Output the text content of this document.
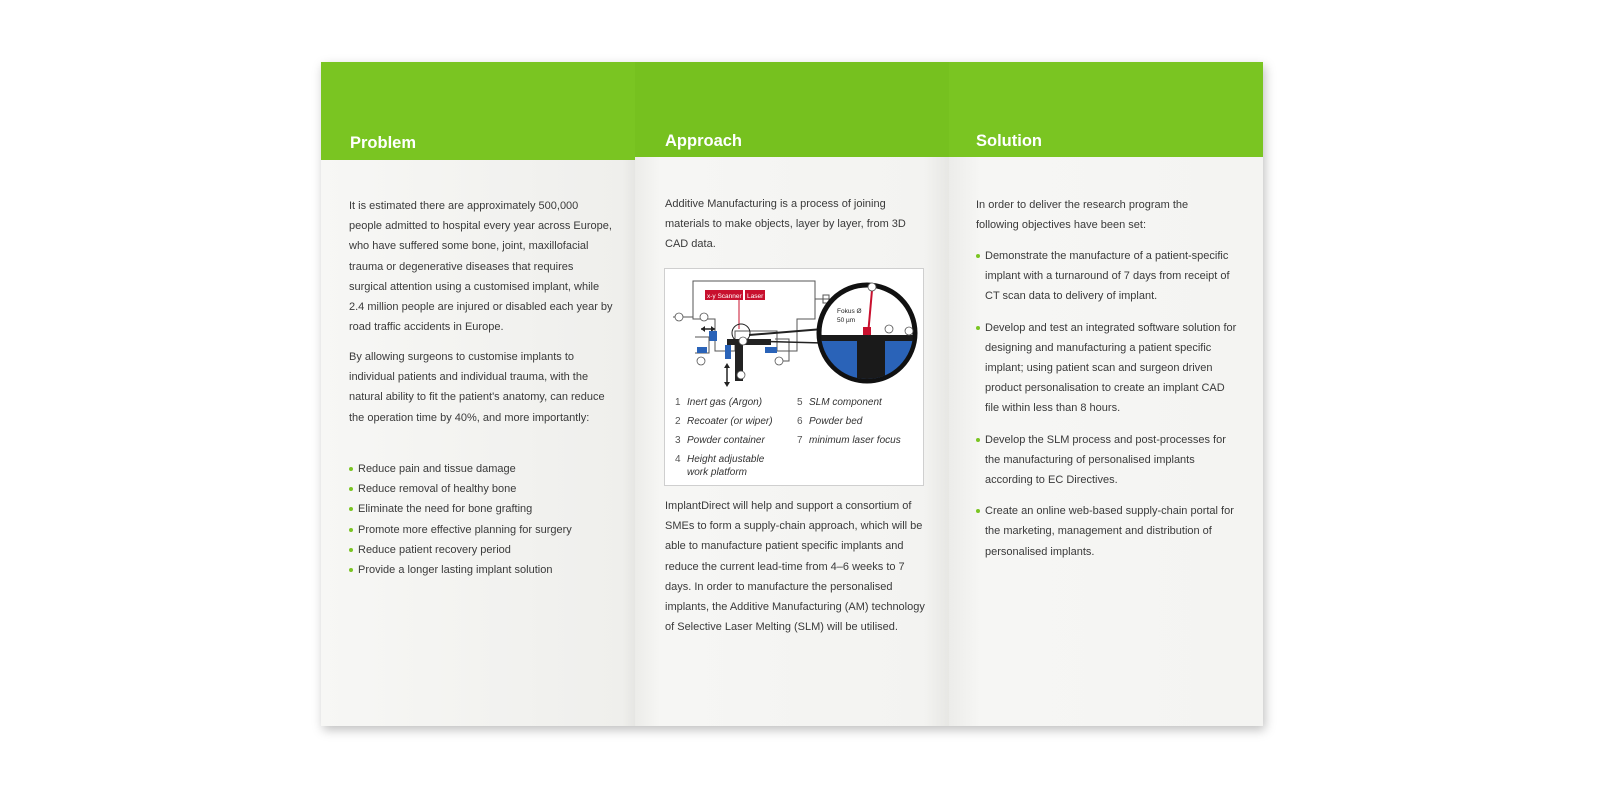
Problem

It is estimated there are approximately 500,000 people admitted to hospital every year across Europe, who have suffered some bone, joint, maxillofacial trauma or degenerative diseases that requires surgical attention using a customised implant, while 2.4 million people are injured or disabled each year by road traffic accidents in Europe.

By allowing surgeons to customise implants to individual patients and individual trauma, with the natural ability to fit the patient's anatomy, can reduce the operation time by 40%, and more importantly:

Reduce pain and tissue damage
Reduce removal of healthy bone
Eliminate the need for bone grafting
Promote more effective planning for surgery
Reduce patient recovery period
Provide a longer lasting implant solution
Approach

Additive Manufacturing is a process of joining materials to make objects, layer by layer, from 3D CAD data.

ImplantDirect will help and support a consortium of SMEs to form a supply-chain approach, which will be able to manufacture patient specific implants and reduce the current lead-time from 4–6 weeks to 7 days. In order to manufacture the personalised implants, the Additive Manufacturing (AM) technology of Selective Laser Melting (SLM) will be utilised.

Solution

In order to deliver the research program the following objectives have been set:

Demonstrate the manufacture of a patient-specific implant with a turnaround of 7 days from receipt of CT scan data to delivery of implant.
Develop and test an integrated software solution for designing and manufacturing a patient specific implant; using patient scan and surgeon driven product personalisation to create an implant CAD file within less than 8 hours.
Develop the SLM process and post-processes for the manufacturing of personalised implants according to EC Directives.
Create an online web-based supply-chain portal for the marketing, management and distribution of personalised implants.
x-y Scanner Laser
Fokus Ø
50 µm
1 Inert gas (Argon)
2 Recoater (or wiper)
3 Powder container
4 Height adjustable work platform
5 SLM component
6 Powder bed
7 minimum laser focus
